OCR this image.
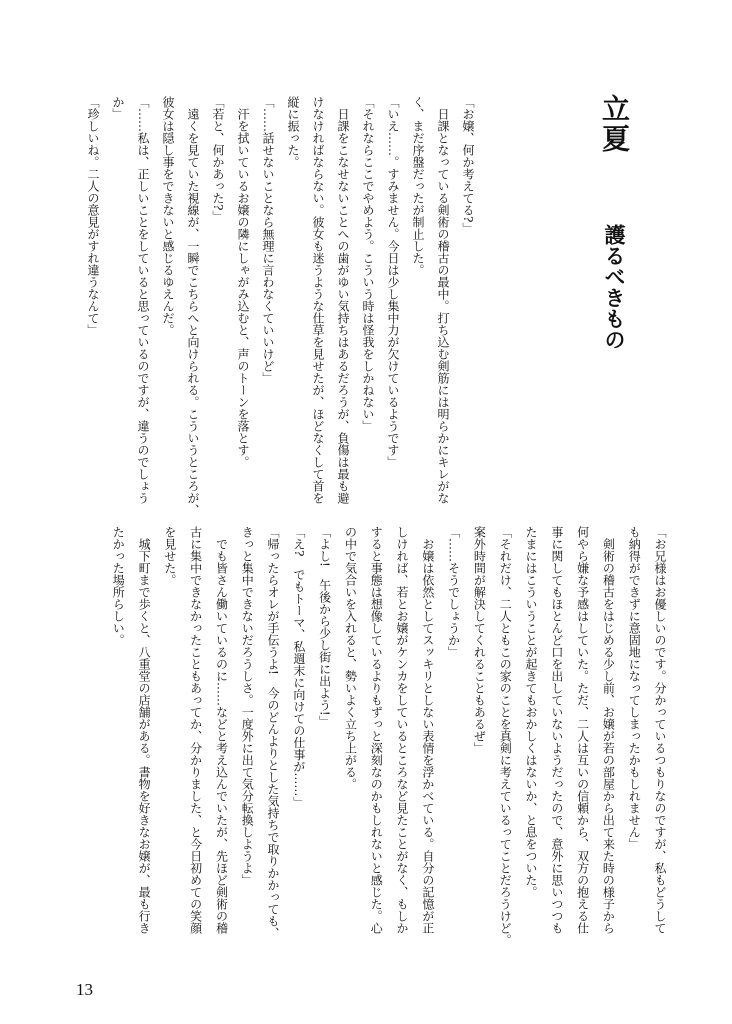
立夏護るべきもの
「お嬢、何か考えてる?」
　日課となっている剣術の稽古の最中。打ち込む剣筋には明らかにキレがな
く、まだ序盤だったが制止した。
「いえ……。すみません。今日は少し集中力が欠けているようです」
「それならここでやめよう。こういう時は怪我をしかねない」
　日課をこなせないことへの歯がゆい気持ちはあるだろうが、負傷は最も避
けなければならない。彼女も迷うような仕草を見せたが、ほどなくして首を
縦に振った。
「……話せないことなら無理に言わなくていいけど」
　汗を拭いているお嬢の隣にしゃがみ込むと、声のトーンを落とす。
「若と、何かあった?」
　遠くを見ていた視線が、一瞬でこちらへと向けられる。こういうところが、
彼女は隠し事をできないと感じるゆえんだ。
「……私は、正しいことをしていると思っているのですが、違うのでしょう
か」
「珍しいね。二人の意見がすれ違うなんて」
「お兄様はお優しいのです。分かっているつもりなのですが、私もどうして
も納得ができずに意固地になってしまったかもしれません」
　剣術の稽古をはじめる少し前、お嬢が若の部屋から出て来た時の様子から
何やら嫌な予感はしていた。ただ、二人は互いの信頼から、双方の抱える仕
事に関してもほとんど口を出していないようだったので、意外に思いつつも
たまにはこういうことが起きてもおかしくはないか、と息をついた。
「それだけ、二人ともこの家のことを真剣に考えているってことだろうけど。
案外時間が解決してくれることもあるぜ」
「……そうでしょうか」
　お嬢は依然としてスッキリとしない表情を浮かべている。自分の記憶が正
しければ、若とお嬢がケンカをしているところなど見たことがなく、もしか
すると事態は想像しているよりもずっと深刻なのかもしれないと感じた。心
の中で気合いを入れると、勢いよく立ち上がる。
「よし!　午後から少し街に出よう!」
「え?　でもトーマ、私週末に向けての仕事が……」
「帰ったらオレが手伝うよ!　今のどんよりとした気持ちで取りかかっても、
きっと集中できないだろうしさ。一度外に出て気分転換しようよ」
　でも皆さん働いているのに……などと考え込んでいたが、先ほど剣術の稽
古に集中できなかったこともあってか、分かりました、と今日初めての笑顔
を見せた。
　城下町まで歩くと、八重堂の店舗がある。書物を好きなお嬢が、最も行き
たかった場所らしい。
13
